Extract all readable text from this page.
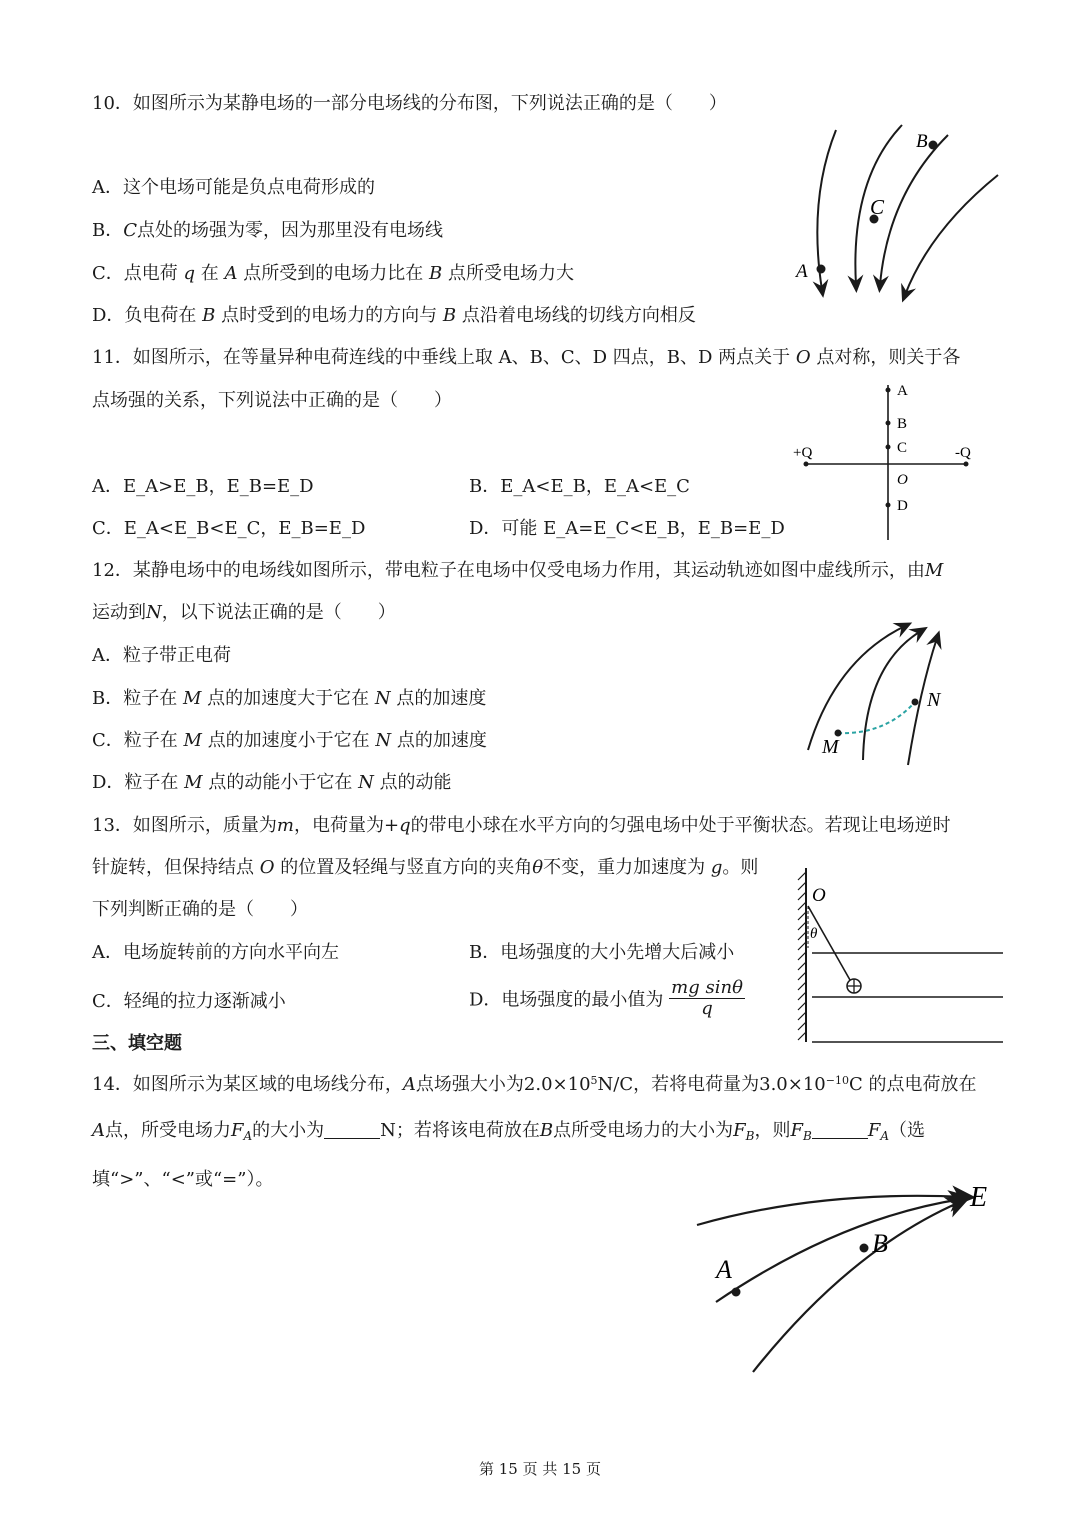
10．如图所示为某静电场的一部分电场线的分布图，下列说法正确的是（　　）
A．这个电场可能是负点电荷形成的
B．C点处的场强为零，因为那里没有电场线
C．点电荷 q 在 A 点所受到的电场力比在 B 点所受电场力大
D．负电荷在 B 点时受到的电场力的方向与 B 点沿着电场线的切线方向相反
A
B
C
11．如图所示，在等量异种电荷连线的中垂线上取 A、B、C、D 四点，B、D 两点关于 O 点对称，则关于各
点场强的关系，下列说法中正确的是（　　）
A．E_A>E_B，E_B=E_D	B．E_A<E_B，E_A<E_C
C．E_A<E_B<E_C，E_B=E_D	D．可能 E_A=E_C<E_B，E_B=E_D
A
B
C
O
D
+Q	-Q
12．某静电场中的电场线如图所示，带电粒子在电场中仅受电场力作用，其运动轨迹如图中虚线所示，由M
运动到N，以下说法正确的是（　　）
A．粒子带正电荷
B．粒子在 M 点的加速度大于它在 N 点的加速度
C．粒子在 M 点的加速度小于它在 N 点的加速度
D．粒子在 M 点的动能小于它在 N 点的动能
M
N
13．如图所示，质量为m，电荷量为+q的带电小球在水平方向的匀强电场中处于平衡状态。若现让电场逆时
针旋转，但保持结点 O 的位置及轻绳与竖直方向的夹角θ不变，重力加速度为 g。则
下列判断正确的是（　　）
A．电场旋转前的方向水平向左	B．电场强度的大小先增大后减小
C．轻绳的拉力逐渐减小	D．电场强度的最小值为 $\frac{\text{mg sinθ}}{q}$
O
θ
三、填空题
14．如图所示为某区域的电场线分布，A点场强大小为$2.0\times 10^5N/C$，若将电荷量为$3.0\times 10^{-10}C$ 的点电荷放在
A点，所受电场力$F_A$的大小为	N；若将该电荷放在B点所受电场力的大小为$F_B$，则$F_B$	$F_A$（选
填“>”、“<”或“=”）。
A
B
E
第 15 页 共 15 页
